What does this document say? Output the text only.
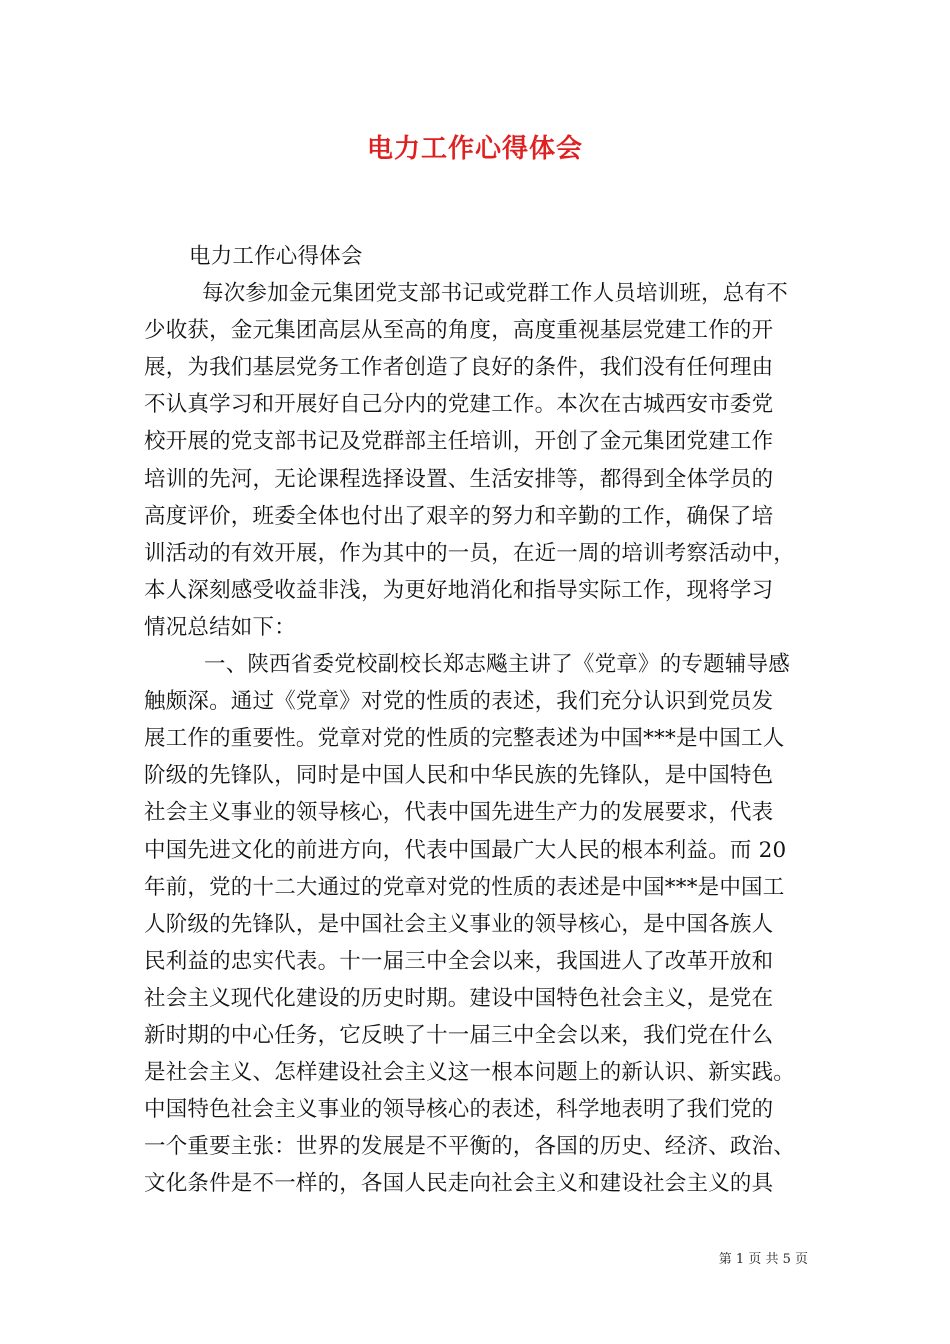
电力工作心得体会
电力工作心得体会
每次参加金元集团党支部书记或党群工作人员培训班，总有不
少收获，金元集团高层从至高的角度，高度重视基层党建工作的开
展，为我们基层党务工作者创造了良好的条件，我们没有任何理由
不认真学习和开展好自己分内的党建工作。本次在古城西安市委党
校开展的党支部书记及党群部主任培训，开创了金元集团党建工作
培训的先河，无论课程选择设置、生活安排等，都得到全体学员的
高度评价，班委全体也付出了艰辛的努力和辛勤的工作，确保了培
训活动的有效开展，作为其中的一员，在近一周的培训考察活动中，
本人深刻感受收益非浅，为更好地消化和指导实际工作，现将学习
情况总结如下：
一、陕西省委党校副校长郑志飚主讲了《党章》的专题辅导感
触颇深。通过《党章》对党的性质的表述，我们充分认识到党员发
展工作的重要性。党章对党的性质的完整表述为中国***是中国工人
阶级的先锋队，同时是中国人民和中华民族的先锋队，是中国特色
社会主义事业的领导核心，代表中国先进生产力的发展要求，代表
中国先进文化的前进方向，代表中国最广大人民的根本利益。而 20
年前，党的十二大通过的党章对党的性质的表述是中国***是中国工
人阶级的先锋队，是中国社会主义事业的领导核心，是中国各族人
民利益的忠实代表。十一届三中全会以来，我国进人了改革开放和
社会主义现代化建设的历史时期。建设中国特色社会主义，是党在
新时期的中心任务，它反映了十一届三中全会以来，我们党在什么
是社会主义、怎样建设社会主义这一根本问题上的新认识、新实践。
中国特色社会主义事业的领导核心的表述，科学地表明了我们党的
一个重要主张：世界的发展是不平衡的，各国的历史、经济、政治、
文化条件是不一样的，各国人民走向社会主义和建设社会主义的具
第 1 页 共 5 页
